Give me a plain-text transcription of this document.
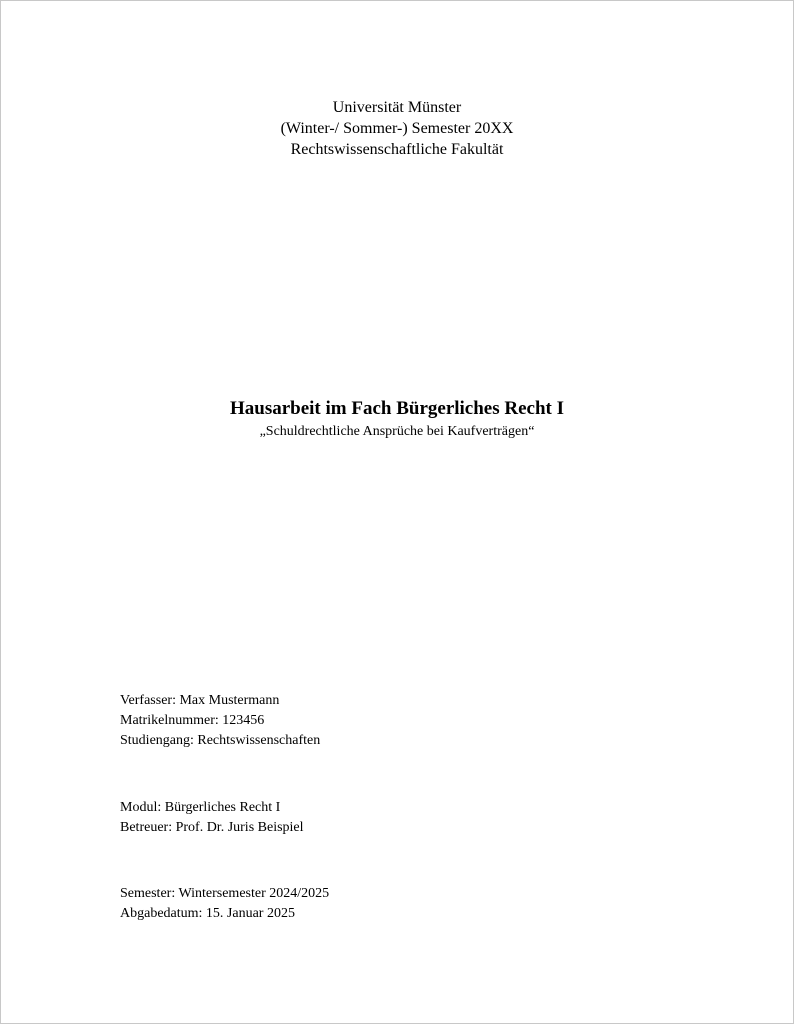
Universität Münster
(Winter-/ Sommer-) Semester 20XX
Rechtswissenschaftliche Fakultät
Hausarbeit im Fach Bürgerliches Recht I
„Schuldrechtliche Ansprüche bei Kaufverträgen“
Verfasser: Max Mustermann
Matrikelnummer: 123456
Studiengang: Rechtswissenschaften
Modul: Bürgerliches Recht I
Betreuer: Prof. Dr. Juris Beispiel
Semester: Wintersemester 2024/2025
Abgabedatum: 15. Januar 2025
